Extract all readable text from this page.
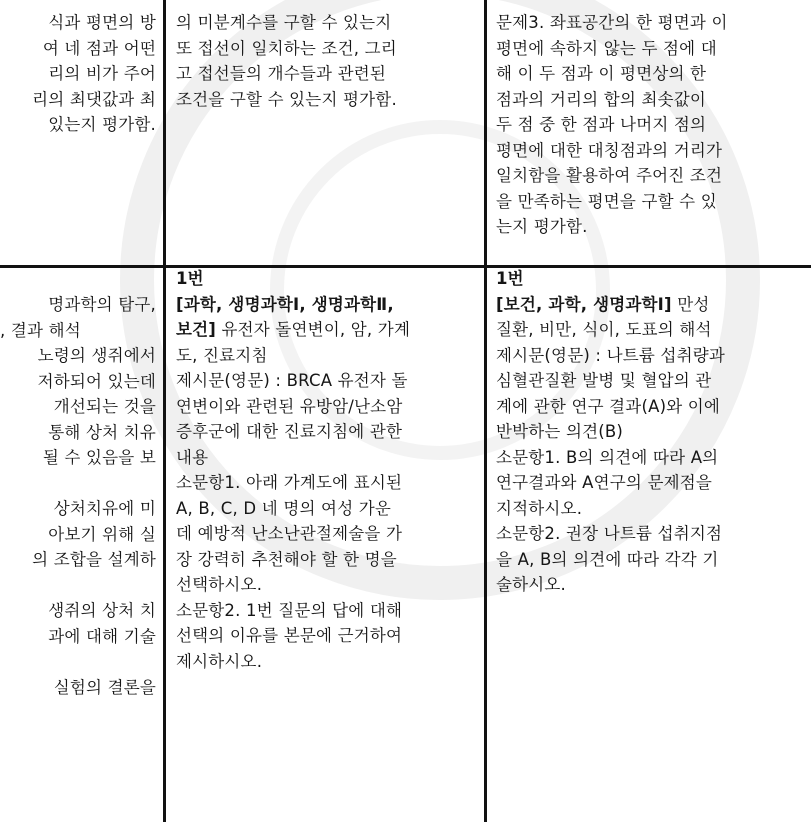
식과 평면의 방

여 네 점과 어떤

리의 비가 주어

리의 최댓값과 최

있는지 평가함.

의 미분계수를 구할 수 있는지

또 접선이 일치하는 조건, 그리

고 접선들의 개수들과 관련된

조건을 구할 수 있는지 평가함.

문제3. 좌표공간의 한 평면과 이

평면에 속하지 않는 두 점에 대

해 이 두 점과 이 평면상의 한

점과의 거리의 합의 최솟값이

두 점 중 한 점과 나머지 점의

평면에 대한 대칭점과의 거리가

일치함을 활용하여 주어진 조건

을 만족하는 평면을 구할 수 있

는지 평가함.

명과학의 탐구,

, 결과 해석

노령의 생쥐에서

저하되어 있는데

개선되는 것을

통해 상처 치유

될 수 있음을 보

상처치유에 미

아보기 위해 실

의 조합을 설계하

생쥐의 상처 치

과에 대해 기술

실험의 결론을

1번

[과학, 생명과학Ⅰ, 생명과학Ⅱ,

보건] 유전자 돌연변이, 암, 가계

도, 진료지침

제시문(영문) : BRCA 유전자 돌

연변이와 관련된 유방암/난소암

증후군에 대한 진료지침에 관한

내용

소문항1. 아래 가계도에 표시된

A, B, C, D 네 명의 여성 가운

데 예방적 난소난관절제술을 가

장 강력히 추천해야 할 한 명을

선택하시오.

소문항2. 1번 질문의 답에 대해

선택의 이유를 본문에 근거하여

제시하시오.

1번

[보건, 과학, 생명과학Ⅰ] 만성

질환, 비만, 식이, 도표의 해석

제시문(영문) : 나트륨 섭취량과

심혈관질환 발병 및 혈압의 관

계에 관한 연구 결과(A)와 이에

반박하는 의견(B)

소문항1. B의 의견에 따라 A의

연구결과와 A연구의 문제점을

지적하시오.

소문항2. 권장 나트륨 섭취지점

을 A, B의 의견에 따라 각각 기

술하시오.
